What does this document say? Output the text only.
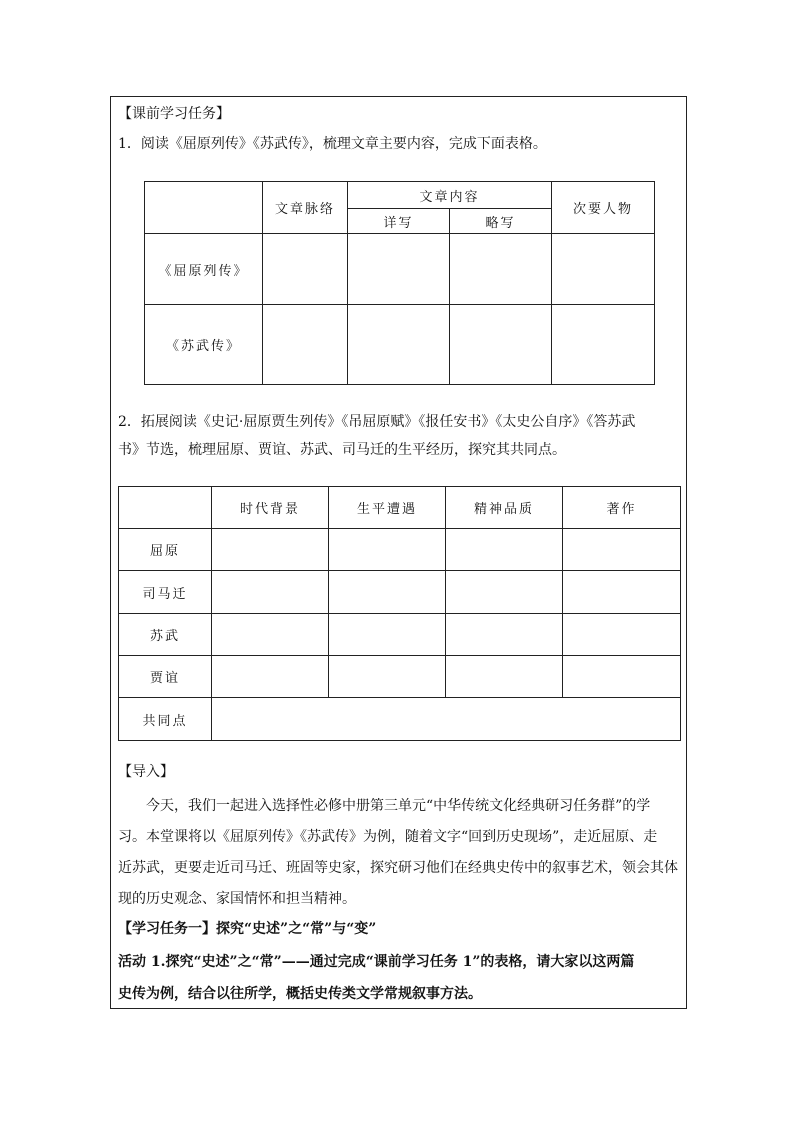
【课前学习任务】
1．阅读《屈原列传》《苏武传》，梳理文章主要内容，完成下面表格。
	文章脉络	文章内容		次要人物
		详写	略写	
《屈原列传》				
《苏武传》				
2．拓展阅读《史记·屈原贾生列传》《吊屈原赋》《报任安书》《太史公自序》《答苏武
书》节选，梳理屈原、贾谊、苏武、司马迁的生平经历，探究其共同点。
	时代背景	生平遭遇	精神品质	著作
屈原				
司马迁				
苏武				
贾谊				
共同点				
【导入】
今天，我们一起进入选择性必修中册第三单元“中华传统文化经典研习任务群”的学
习。本堂课将以《屈原列传》《苏武传》为例，随着文字“回到历史现场”，走近屈原、走
近苏武，更要走近司马迁、班固等史家，探究研习他们在经典史传中的叙事艺术，领会其体
现的历史观念、家国情怀和担当精神。
【学习任务一】探究“史述”之“常”与“变”
活动 1.探究“史述”之“常”——通过完成“课前学习任务 1”的表格，请大家以这两篇
史传为例，结合以往所学，概括史传类文学常规叙事方法。
